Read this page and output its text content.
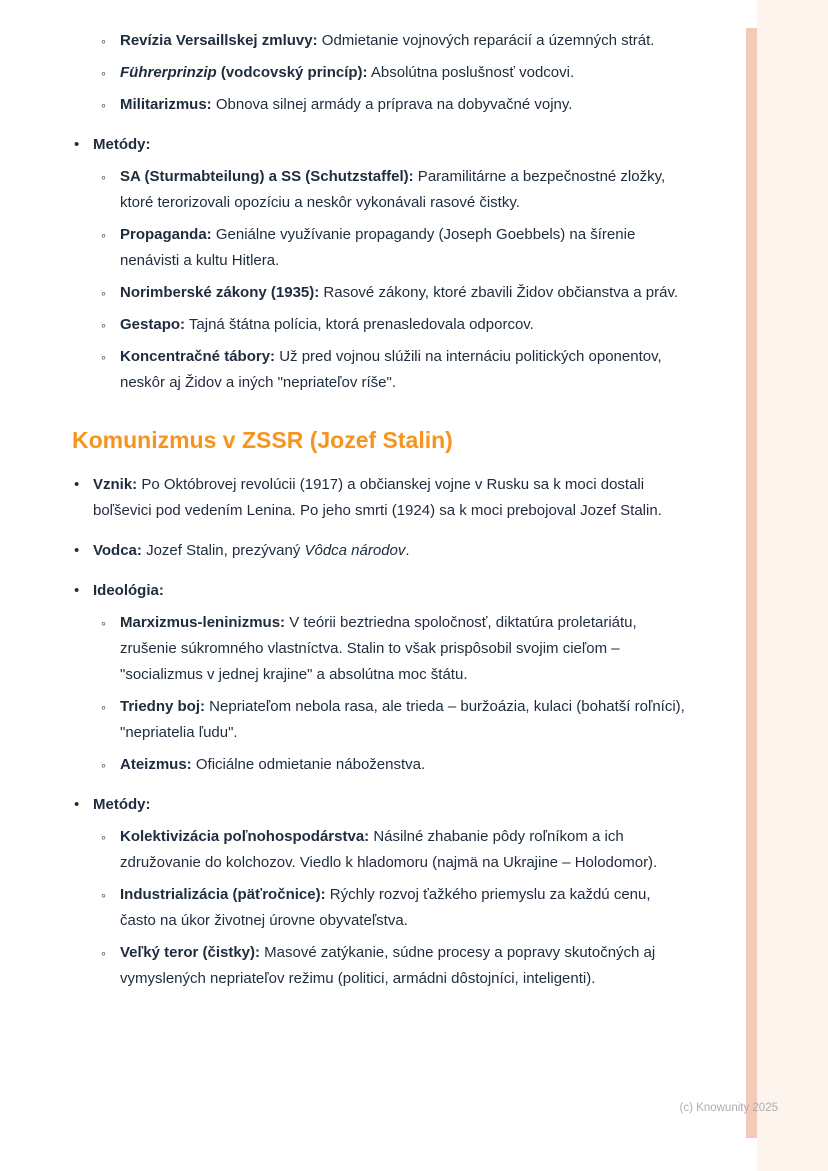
◦ Revízia Versaillskej zmluvy: Odmietanie vojnových reparácií a územných strát.
◦ Führerprinzip (vodcovský princíp): Absolútna poslušnosť vodcovi.
◦ Militarizmus: Obnova silnej armády a príprava na dobyvačné vojny.
• Metódy:
◦ SA (Sturmabteilung) a SS (Schutzstaffel): Paramilitárne a bezpečnostné zložky, ktoré terorizovali opozíciu a neskôr vykonávali rasové čistky.
◦ Propaganda: Geniálne využívanie propagandy (Joseph Goebbels) na šírenie nenávisti a kultu Hitlera.
◦ Norimberské zákony (1935): Rasové zákony, ktoré zbavili Židov občianstva a práv.
◦ Gestapo: Tajná štátna polícia, ktorá prenasledovala odporcov.
◦ Koncentračné tábory: Už pred vojnou slúžili na internáciu politických oponentov, neskôr aj Židov a iných "nepriateľov ríše".
Komunizmus v ZSSR (Jozef Stalin)
• Vznik: Po Októbrovej revolúcii (1917) a občianskej vojne v Rusku sa k moci dostali boľševici pod vedením Lenina. Po jeho smrti (1924) sa k moci prebojoval Jozef Stalin.
• Vodca: Jozef Stalin, prezývaný Vôdca národov.
• Ideológia:
◦ Marxizmus-leninizmus: V teórii beztriedna spoločnosť, diktatúra proletariátu, zrušenie súkromného vlastníctva. Stalin to však prispôsobil svojim cieľom – "socializmus v jednej krajine" a absolútna moc štátu.
◦ Triedny boj: Nepriateľom nebola rasa, ale trieda – buržoázia, kulaci (bohatší roľníci), "nepriatelia ľudu".
◦ Ateizmus: Oficiálne odmietanie náboženstva.
• Metódy:
◦ Kolektivizácia poľnohospodárstva: Násilné zhabanie pôdy roľníkom a ich združovanie do kolchozov. Viedlo k hladomoru (najmä na Ukrajine – Holodomor).
◦ Industrializácia (päťročnice): Rýchly rozvoj ťažkého priemyslu za každú cenu, často na úkor životnej úrovne obyvateľstva.
◦ Veľký teror (čistky): Masové zatýkanie, súdne procesy a popravy skutočných aj vymyslených nepriateľov režimu (politici, armádni dôstojníci, inteligenti).
(c) Knowunity 2025
